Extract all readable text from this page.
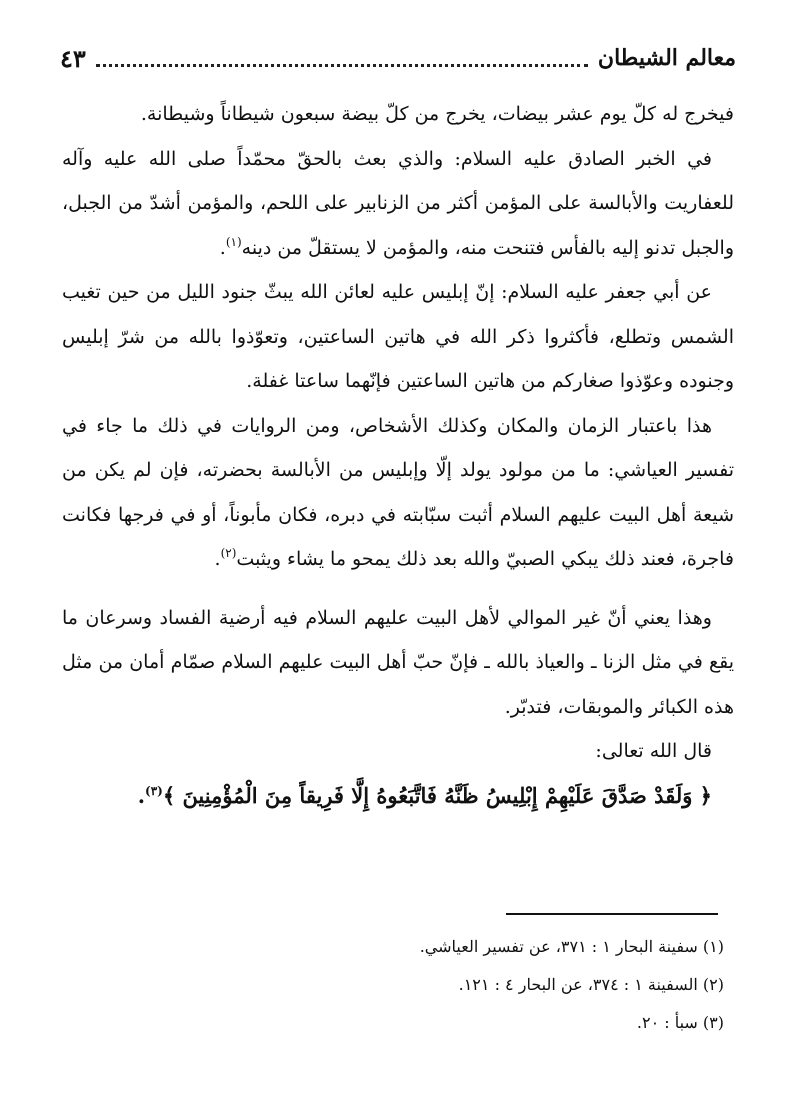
معالم الشيطان
٤٣

فيخرج له كلّ يوم عشر بيضات، يخرج من كلّ بيضة سبعون شيطاناً وشيطانة.

في الخبر الصادق عليه السلام: والذي بعث بالحقّ محمّداً صلى الله عليه وآله للعفاريت والأبالسة على المؤمن أكثر من الزنابير على اللحم، والمؤمن أشدّ من الجبل، والجبل تدنو إليه بالفأس فتنحت منه، والمؤمن لا يستقلّ من دينه$^{(١)}$.

عن أبي جعفر عليه السلام: إنّ إبليس عليه لعائن الله يبثّ جنود الليل من حين تغيب الشمس وتطلع، فأكثروا ذكر الله في هاتين الساعتين، وتعوّذوا بالله من شرّ إبليس وجنوده وعوّذوا صغاركم من هاتين الساعتين فإنّهما ساعتا غفلة.

هذا باعتبار الزمان والمكان وكذلك الأشخاص، ومن الروايات في ذلك ما جاء في تفسير العياشي: ما من مولود يولد إلّا وإبليس من الأبالسة بحضرته، فإن لم يكن من شيعة أهل البيت عليهم السلام أثبت سبّابته في دبره، فكان مأبوناً، أو في فرجها فكانت فاجرة، فعند ذلك يبكي الصبيّ والله بعد ذلك يمحو ما يشاء ويثبت$^{(٢)}$.

وهذا يعني أنّ غير الموالي لأهل البيت عليهم السلام فيه أرضية الفساد وسرعان ما يقع في مثل الزنا ـ والعياذ بالله ـ فإنّ حبّ أهل البيت عليهم السلام صمّام أمان من مثل هذه الكبائر والموبقات، فتدبّر.

قال الله تعالى:

﴿ وَلَقَدْ صَدَّقَ عَلَيْهِمْ إِبْلِيسُ ظَنَّهُ فَاتَّبَعُوهُ إِلَّا فَرِيقاً مِنَ الْمُؤْمِنِينَ ﴾$^{(٣)}$.

(١) سفينة البحار ١ : ٣٧١، عن تفسير العياشي.

(٢) السفينة ١ : ٣٧٤، عن البحار ٤ : ١٢١.

(٣) سبأ : ٢٠.
